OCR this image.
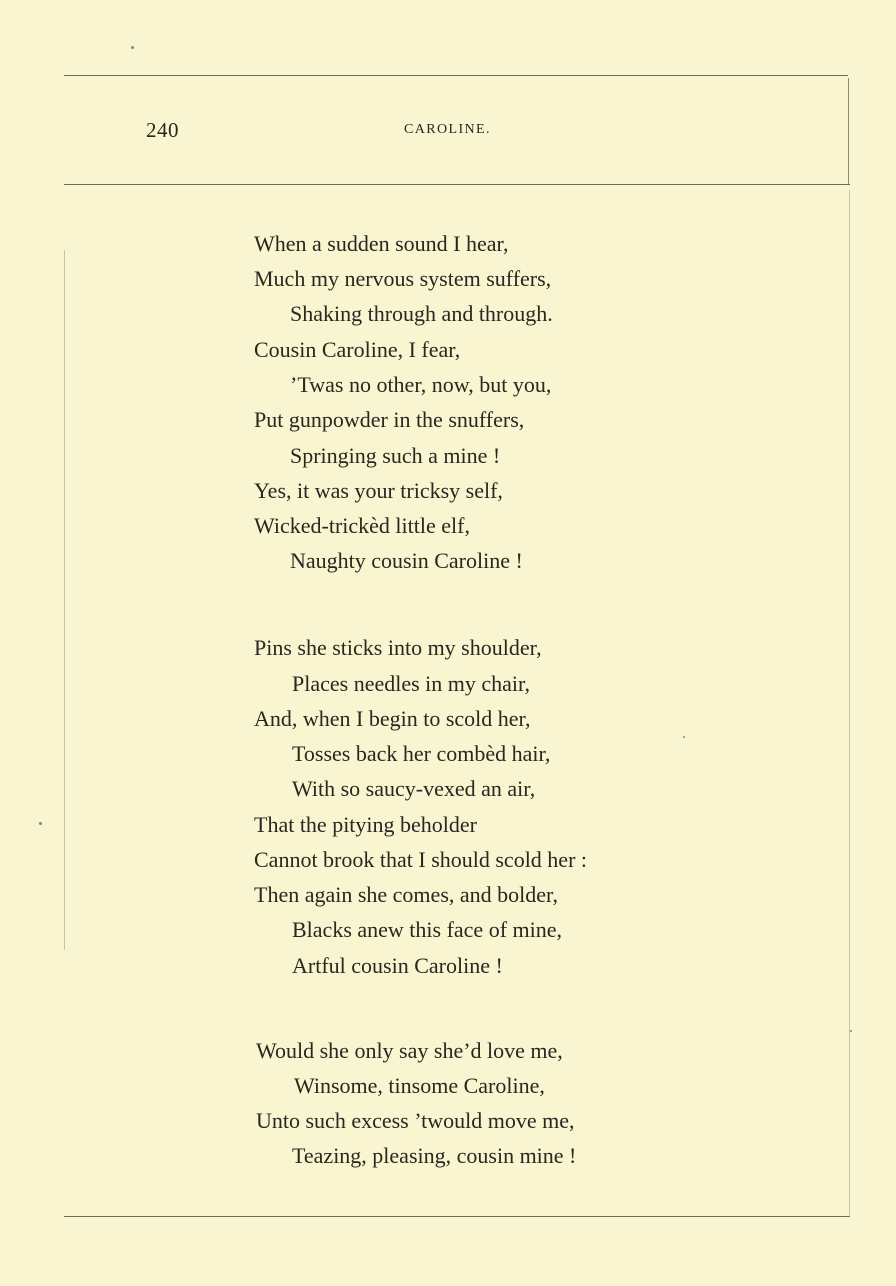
240	CAROLINE.
When a sudden sound I hear,
Much my nervous system suffers,
Shaking through and through.
Cousin Caroline, I fear,
’Twas no other, now, but you,
Put gunpowder in the snuffers,
Springing such a mine !
Yes, it was your tricksy self,
Wicked-trickèd little elf,
Naughty cousin Caroline !
Pins she sticks into my shoulder,
Places needles in my chair,
And, when I begin to scold her,
Tosses back her combèd hair,
With so saucy-vexed an air,
That the pitying beholder
Cannot brook that I should scold her :
Then again she comes, and bolder,
Blacks anew this face of mine,
Artful cousin Caroline !
Would she only say she’d love me,
Winsome, tinsome Caroline,
Unto such excess ’twould move me,
Teazing, pleasing, cousin mine !
